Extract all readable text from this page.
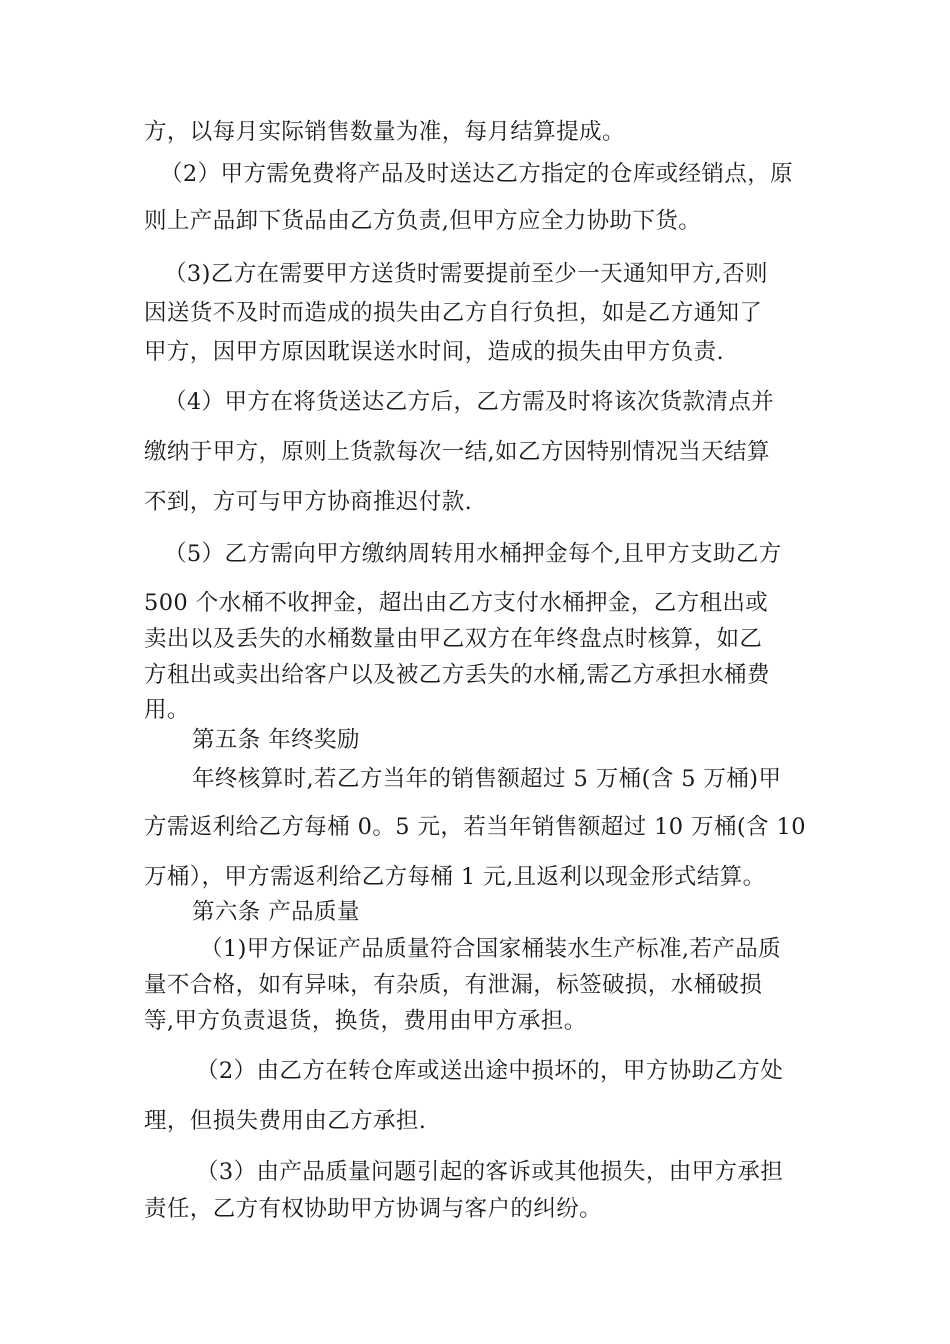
方，以每月实际销售数量为准，每月结算提成。
（2）甲方需免费将产品及时送达乙方指定的仓库或经销点，原
则上产品卸下货品由乙方负责,但甲方应全力协助下货。
（3)乙方在需要甲方送货时需要提前至少一天通知甲方,否则
因送货不及时而造成的损失由乙方自行负担，如是乙方通知了
甲方，因甲方原因耽误送水时间，造成的损失由甲方负责.
（4）甲方在将货送达乙方后，乙方需及时将该次货款清点并
缴纳于甲方，原则上货款每次一结,如乙方因特别情况当天结算
不到，方可与甲方协商推迟付款.
（5）乙方需向甲方缴纳周转用水桶押金每个,且甲方支助乙方
500 个水桶不收押金，超出由乙方支付水桶押金，乙方租出或
卖出以及丢失的水桶数量由甲乙双方在年终盘点时核算，如乙
方租出或卖出给客户以及被乙方丢失的水桶,需乙方承担水桶费
用。
第五条 年终奖励
年终核算时,若乙方当年的销售额超过 5 万桶(含 5 万桶)甲
方需返利给乙方每桶 0。5 元，若当年销售额超过 10 万桶(含 10
万桶），甲方需返利给乙方每桶 1 元,且返利以现金形式结算。
第六条 产品质量
（1)甲方保证产品质量符合国家桶装水生产标准,若产品质
量不合格，如有异味，有杂质，有泄漏，标签破损，水桶破损
等,甲方负责退货，换货，费用由甲方承担。
（2）由乙方在转仓库或送出途中损坏的，甲方协助乙方处
理，但损失费用由乙方承担.
（3）由产品质量问题引起的客诉或其他损失，由甲方承担
责任，乙方有权协助甲方协调与客户的纠纷。
